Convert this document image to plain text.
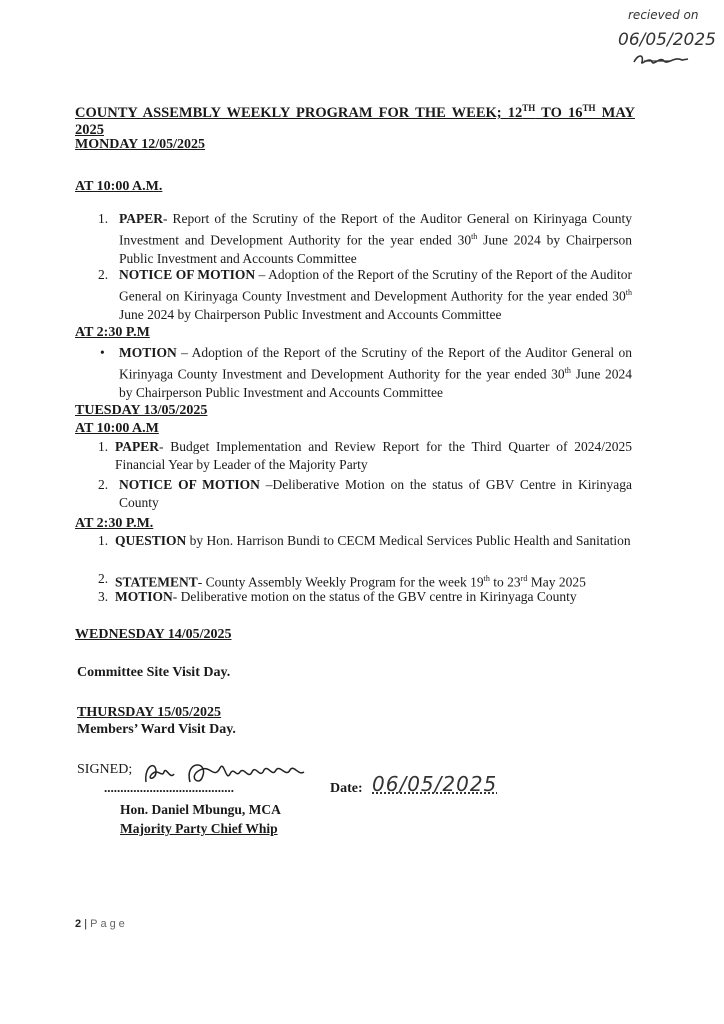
recieved on
06/05/2025
COUNTY ASSEMBLY WEEKLY PROGRAM FOR THE WEEK; 12TH TO 16TH MAY 2025
MONDAY 12/05/2025
AT 10:00 A.M.
1. PAPER- Report of the Scrutiny of the Report of the Auditor General on Kirinyaga County Investment and Development Authority for the year ended 30th June 2024 by Chairperson Public Investment and Accounts Committee
2. NOTICE OF MOTION – Adoption of the Report of the Scrutiny of the Report of the Auditor General on Kirinyaga County Investment and Development Authority for the year ended 30th June 2024 by Chairperson Public Investment and Accounts Committee
AT 2:30 P.M
•	MOTION – Adoption of the Report of the Scrutiny of the Report of the Auditor General on Kirinyaga County Investment and Development Authority for the year ended 30th June 2024 by Chairperson Public Investment and Accounts Committee
TUESDAY 13/05/2025
AT 10:00 A.M
1. PAPER- Budget Implementation and Review Report for the Third Quarter of 2024/2025 Financial Year by Leader of the Majority Party
2. NOTICE OF MOTION –Deliberative Motion on the status of GBV Centre in Kirinyaga County
AT 2:30 P.M.
1. QUESTION by Hon. Harrison Bundi to CECM Medical Services Public Health and Sanitation
2. STATEMENT- County Assembly Weekly Program for the week 19th to 23rd May 2025
3. MOTION- Deliberative motion on the status of the GBV centre in Kirinyaga County
WEDNESDAY 14/05/2025
Committee Site Visit Day.
THURSDAY 15/05/2025
Members’ Ward Visit Day.
SIGNED;
........................................	Date: 06/05/2025
Hon. Daniel Mbungu, MCA
Majority Party Chief Whip
2 | Page
